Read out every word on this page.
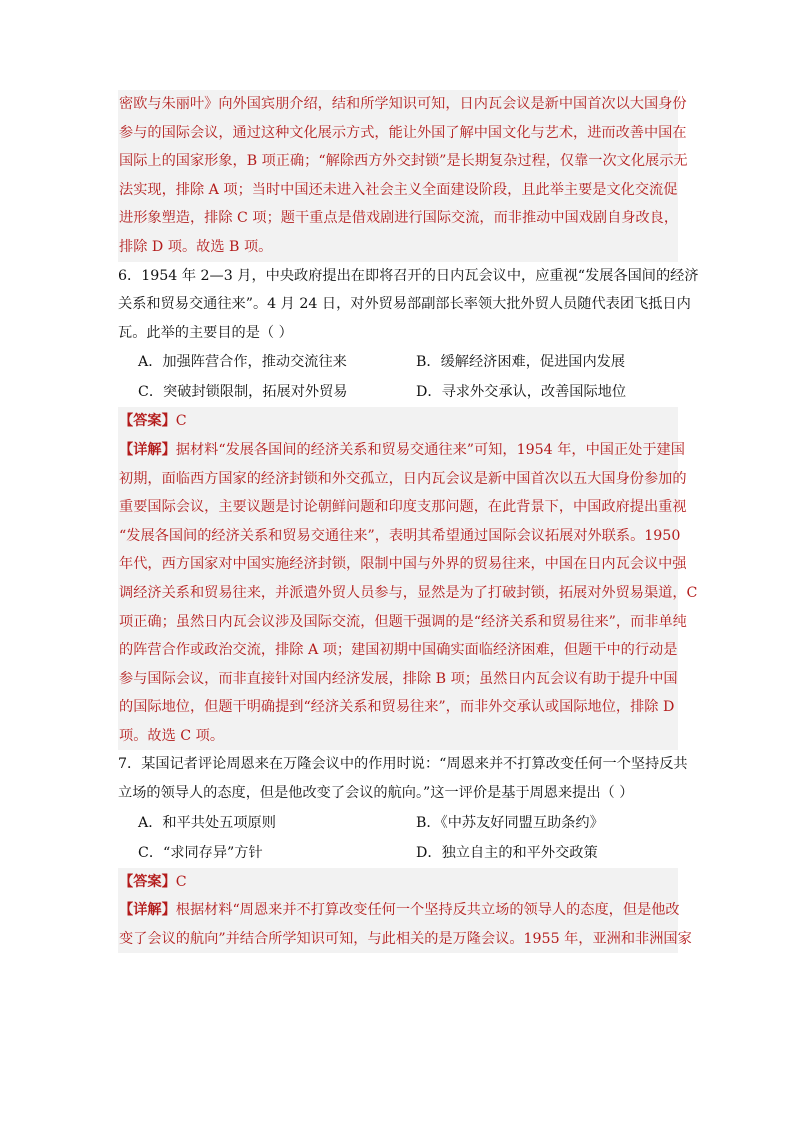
密欧与朱丽叶》向外国宾朋介绍，结和所学知识可知，日内瓦会议是新中国首次以大国身份
参与的国际会议，通过这种文化展示方式，能让外国了解中国文化与艺术，进而改善中国在
国际上的国家形象，B 项正确；“解除西方外交封锁”是长期复杂过程，仅靠一次文化展示无
法实现，排除 A 项；当时中国还未进入社会主义全面建设阶段，且此举主要是文化交流促
进形象塑造，排除 C 项；题干重点是借戏剧进行国际交流，而非推动中国戏剧自身改良，
排除 D 项。故选 B 项。
6．1954 年 2—3 月，中央政府提出在即将召开的日内瓦会议中，应重视“发展各国间的经济
关系和贸易交通往来”。4 月 24 日，对外贸易部副部长率领大批外贸人员随代表团飞抵日内
瓦。此举的主要目的是（ ）
A．加强阵营合作，推动交流往来	B．缓解经济困难，促进国内发展
C．突破封锁限制，拓展对外贸易	D．寻求外交承认，改善国际地位
【答案】C
【详解】据材料“发展各国间的经济关系和贸易交通往来”可知，1954 年，中国正处于建国
初期，面临西方国家的经济封锁和外交孤立，日内瓦会议是新中国首次以五大国身份参加的
重要国际会议，主要议题是讨论朝鲜问题和印度支那问题，在此背景下，中国政府提出重视
“发展各国间的经济关系和贸易交通往来”，表明其希望通过国际会议拓展对外联系。1950
年代，西方国家对中国实施经济封锁，限制中国与外界的贸易往来，中国在日内瓦会议中强
调经济关系和贸易往来，并派遣外贸人员参与，显然是为了打破封锁，拓展对外贸易渠道，C
项正确；虽然日内瓦会议涉及国际交流，但题干强调的是“经济关系和贸易往来”，而非单纯
的阵营合作或政治交流，排除 A 项；建国初期中国确实面临经济困难，但题干中的行动是
参与国际会议，而非直接针对国内经济发展，排除 B 项；虽然日内瓦会议有助于提升中国
的国际地位，但题干明确提到“经济关系和贸易往来”，而非外交承认或国际地位，排除 D
项。故选 C 项。
7．某国记者评论周恩来在万隆会议中的作用时说：“周恩来并不打算改变任何一个坚持反共
立场的领导人的态度，但是他改变了会议的航向。”这一评价是基于周恩来提出（ ）
A．和平共处五项原则	B．《中苏友好同盟互助条约》
C．“求同存异”方针	D．独立自主的和平外交政策
【答案】C
【详解】根据材料“周恩来并不打算改变任何一个坚持反共立场的领导人的态度，但是他改
变了会议的航向”并结合所学知识可知，与此相关的是万隆会议。1955 年，亚洲和非洲国家
